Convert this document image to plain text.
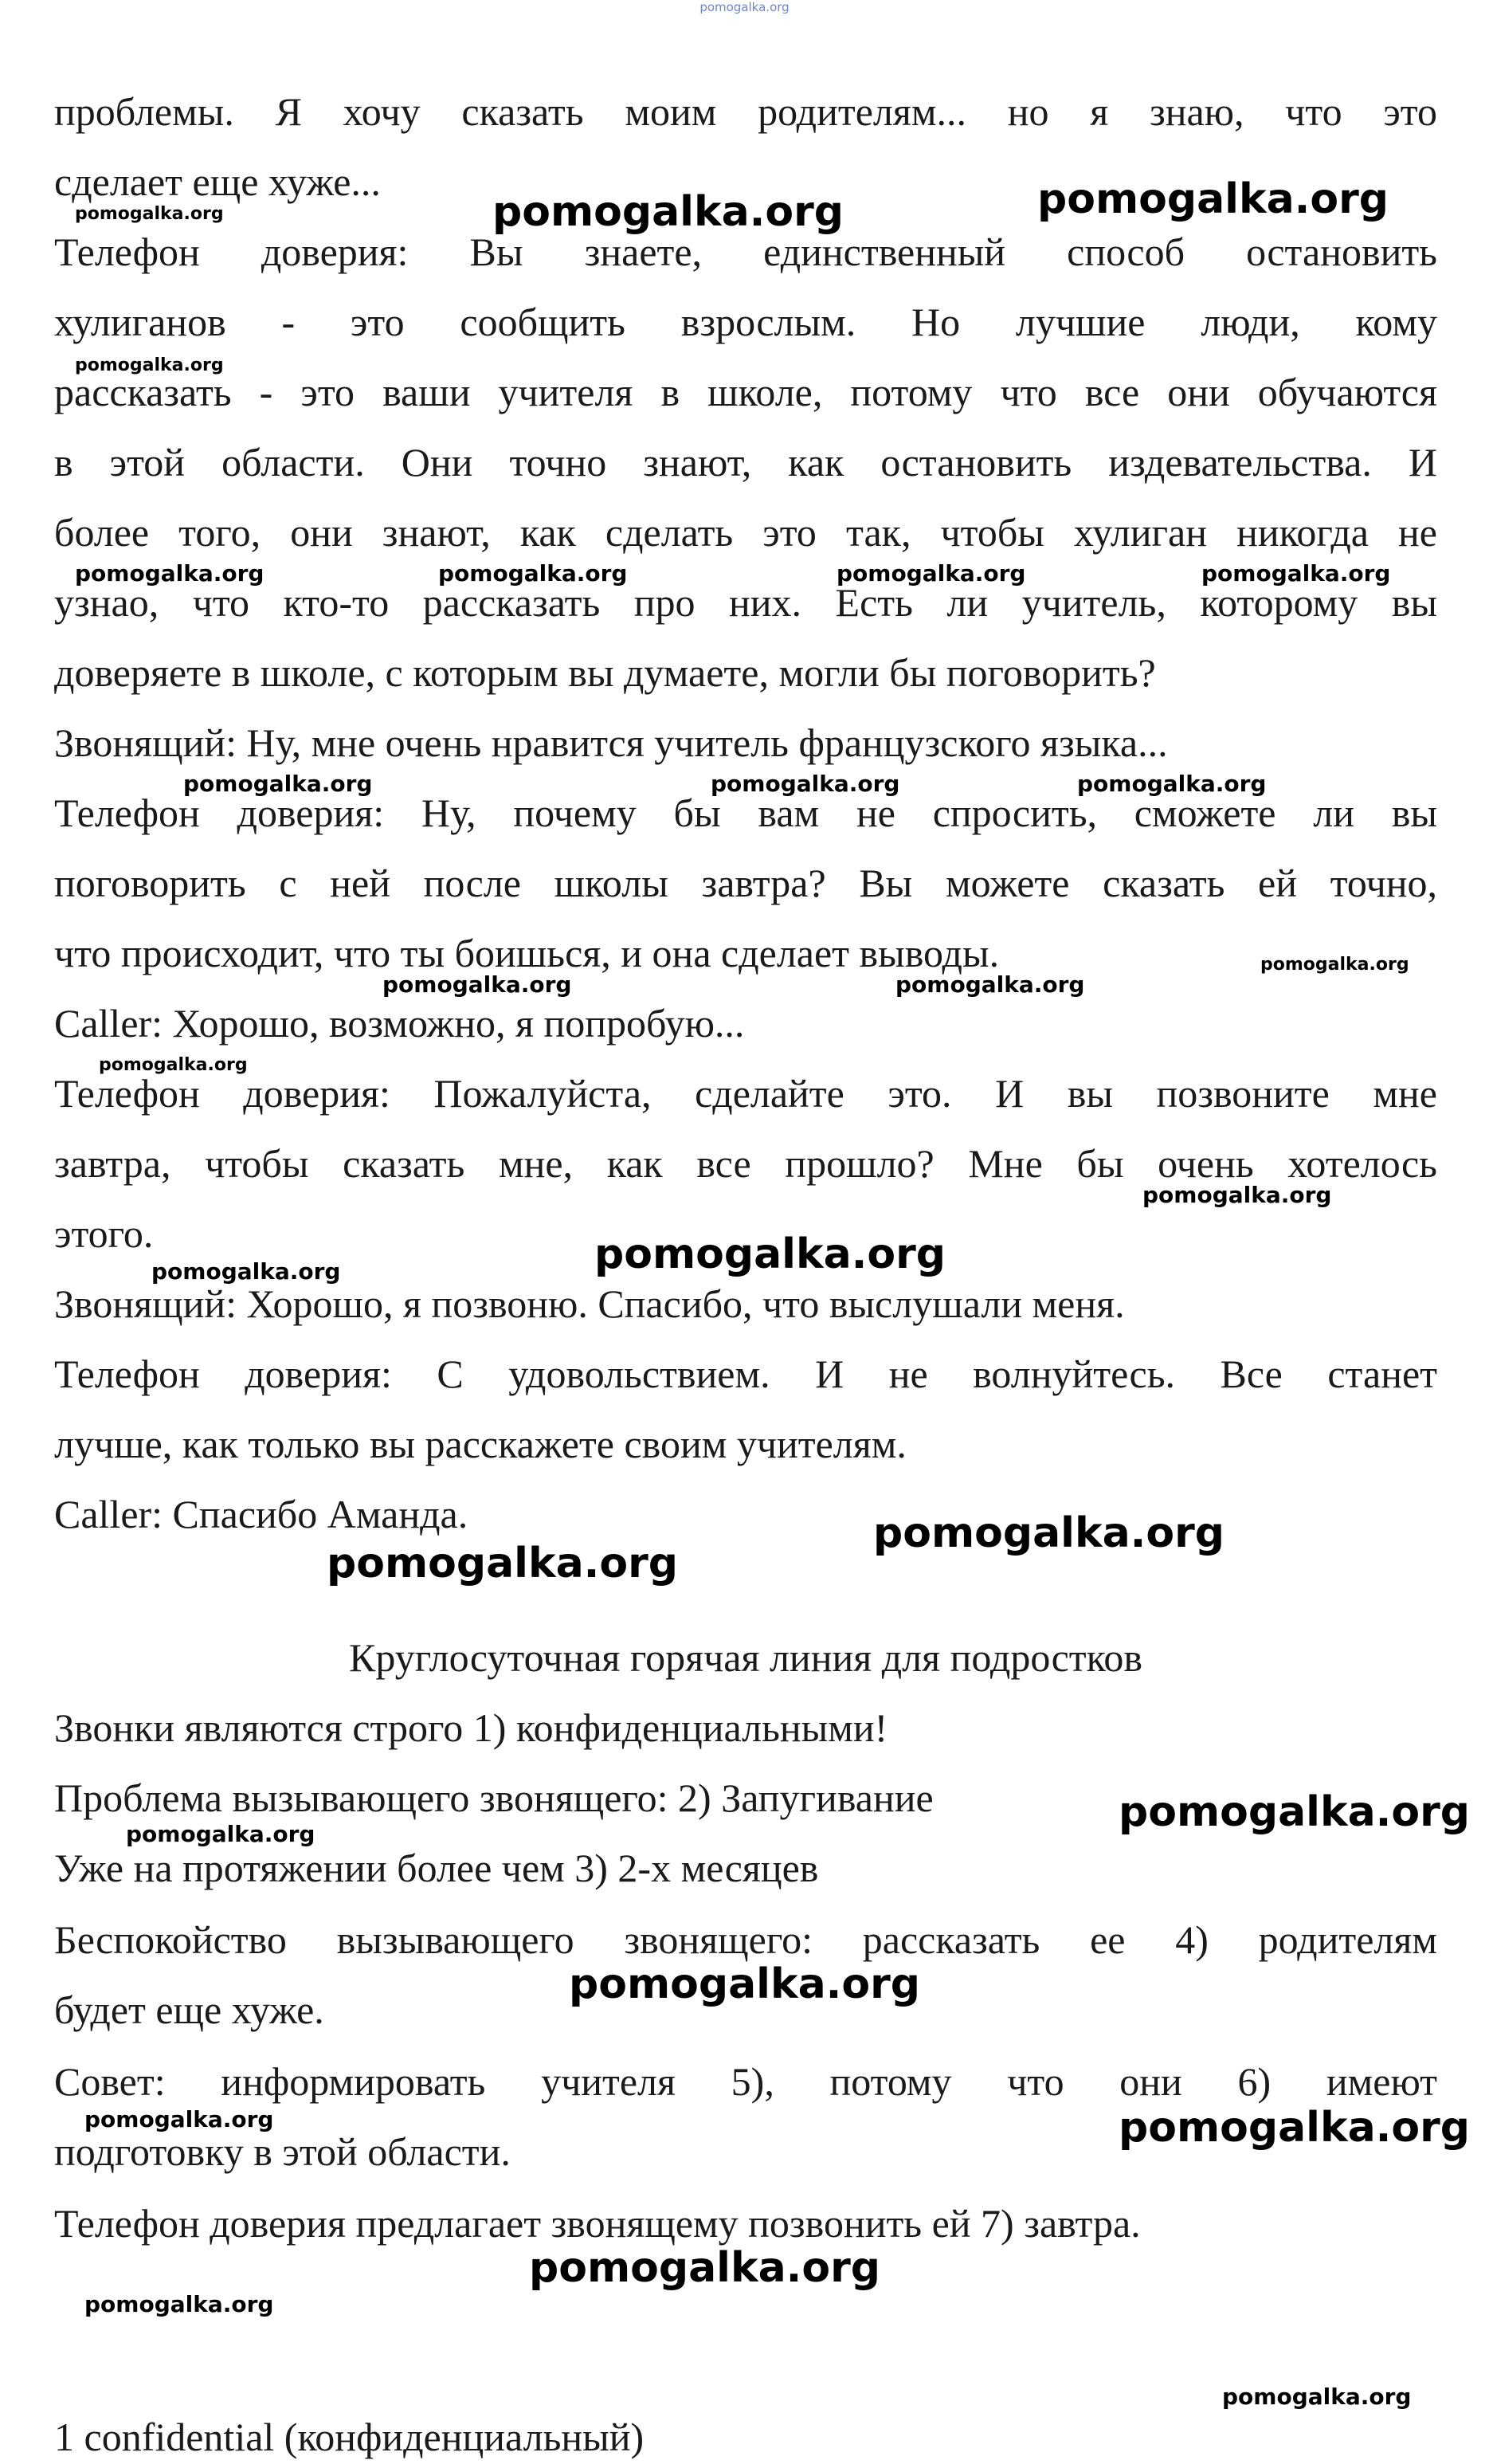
pomogalka.org
проблемы. Я хочу сказать моим родителям... но я знаю, что это
сделает еще хуже...
Телефон доверия: Вы знаете, единственный способ остановить
хулиганов - это сообщить взрослым. Но лучшие люди, кому
рассказать - это ваши учителя в школе, потому что все они обучаются
в этой области. Они точно знают, как остановить издевательства. И
более того, они знают, как сделать это так, чтобы хулиган никогда не
узнао, что кто-то рассказать про них. Есть ли учитель, которому вы
доверяете в школе, с которым вы думаете, могли бы поговорить?
Звонящий: Ну, мне очень нравится учитель французского языка...
Телефон доверия: Ну, почему бы вам не спросить, сможете ли вы
поговорить с ней после школы завтра? Вы можете сказать ей точно,
что происходит, что ты боишься, и она сделает выводы.
Caller: Хорошо, возможно, я попробую...
Телефон доверия: Пожалуйста, сделайте это. И вы позвоните мне
завтра, чтобы сказать мне, как все прошло? Мне бы очень хотелось
этого.
Звонящий: Хорошо, я позвоню. Спасибо, что выслушали меня.
Телефон доверия: С удовольствием. И не волнуйтесь. Все станет
лучше, как только вы расскажете своим учителям.
Caller: Спасибо Аманда.
Круглосуточная горячая линия для подростков
Звонки являются строго 1) конфиденциальными!
Проблема вызывающего звонящего: 2) Запугивание
Уже на протяжении более чем 3) 2-х месяцев
Беспокойство вызывающего звонящего: рассказать ее 4) родителям
будет еще хуже.
Совет: информировать учителя 5), потому что они 6) имеют
подготовку в этой области.
Телефон доверия предлагает звонящему позвонить ей 7) завтра.
1 confidential (конфиденциальный)
pomogalka.org	pomogalka.org	pomogalka.org
pomogalka.org
pomogalka.org	pomogalka.org	pomogalka.org	pomogalka.org
pomogalka.org	pomogalka.org	pomogalka.org
pomogalka.org
pomogalka.org	pomogalka.org
pomogalka.org
pomogalka.org
pomogalka.org
pomogalka.org
pomogalka.org
pomogalka.org
pomogalka.org
pomogalka.org
pomogalka.org
pomogalka.org	pomogalka.org
pomogalka.org
pomogalka.org
pomogalka.org
